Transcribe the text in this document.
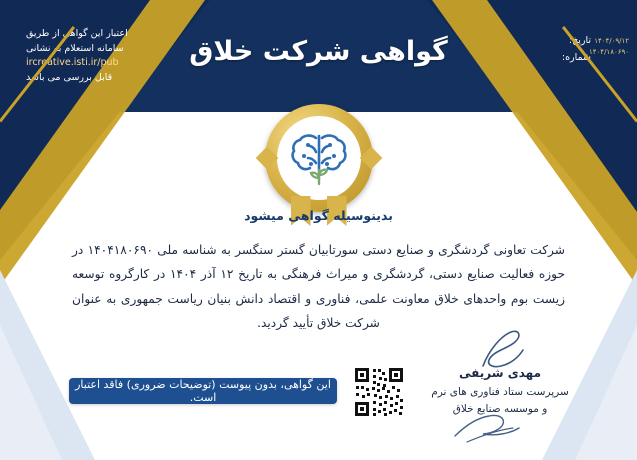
گواهی شرکت خلاق
اعتبار این گواهی از طریق
سامانه استعلام به نشانی
ircreative.isti.ir/pub
قابل بررسی می باشد
تاریخ:
شماره:
۱۴۰۴/۰۹/۱۲
۱۴۰۴/۱۸۰۶۹۰
بدینوسیله گواهی میشود
شرکت تعاونی گردشگری و صنایع دستی سورتابیان گستر سنگسر به شناسه ملی ۱۴۰۴۱۸۰۶۹۰ در حوزه فعالیت صنایع دستی، گردشگری و میراث فرهنگی به تاریخ ۱۲ آذر ۱۴۰۴ در کارگروه توسعه زیست بوم واحدهای خلاق معاونت علمی، فناوری و اقتصاد دانش بنیان ریاست جمهوری به عنوان شرکت خلاق تأیید گردید.
این گواهی، بدون پیوست (توضیحات ضروری) فاقد اعتبار است.
مهدی شریفی
سرپرست ستاد فناوری های نرم
و موسسه صنایع خلاق
